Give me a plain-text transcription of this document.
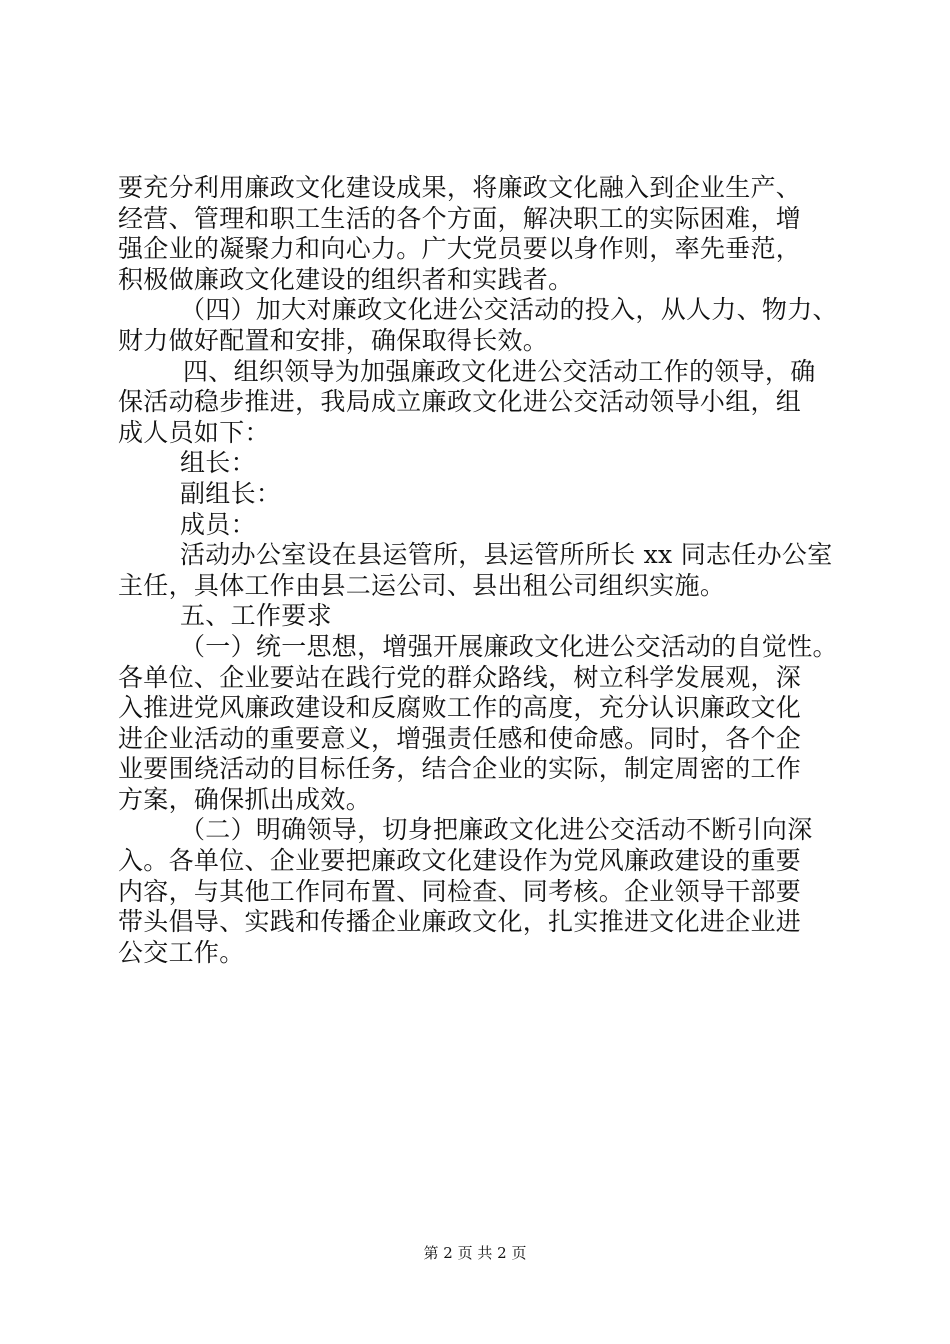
要充分利用廉政文化建设成果，将廉政文化融入到企业生产、
经营、管理和职工生活的各个方面，解决职工的实际困难，增
强企业的凝聚力和向心力。广大党员要以身作则，率先垂范，
积极做廉政文化建设的组织者和实践者。
（四）加大对廉政文化进公交活动的投入，从人力、物力、
财力做好配置和安排，确保取得长效。
四、组织领导为加强廉政文化进公交活动工作的领导，确
保活动稳步推进，我局成立廉政文化进公交活动领导小组，组
成人员如下：
组长：
副组长：
成员：
活动办公室设在县运管所，县运管所所长 xx 同志任办公室
主任，具体工作由县二运公司、县出租公司组织实施。
五、工作要求
（一）统一思想，增强开展廉政文化进公交活动的自觉性。
各单位、企业要站在践行党的群众路线，树立科学发展观，深
入推进党风廉政建设和反腐败工作的高度，充分认识廉政文化
进企业活动的重要意义，增强责任感和使命感。同时，各个企
业要围绕活动的目标任务，结合企业的实际，制定周密的工作
方案，确保抓出成效。
（二）明确领导，切身把廉政文化进公交活动不断引向深
入。各单位、企业要把廉政文化建设作为党风廉政建设的重要
内容，与其他工作同布置、同检查、同考核。企业领导干部要
带头倡导、实践和传播企业廉政文化，扎实推进文化进企业进
公交工作。
第 2 页 共 2 页
